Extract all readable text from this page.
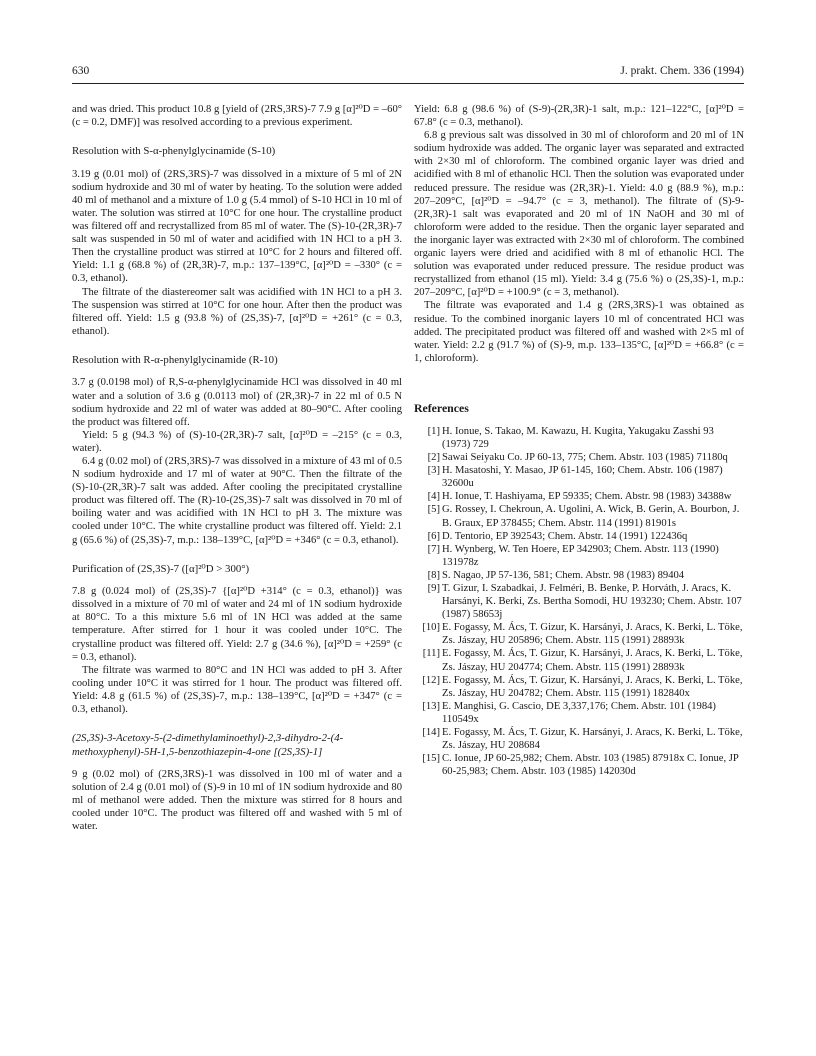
630	J. prakt. Chem. 336 (1994)

and was dried. This product 10.8 g [yield of (2RS,3RS)-7 7.9 g [α]²⁰D = –60° (c = 0.2, DMF)] was resolved according to a previous experiment.

Resolution with S-α-phenylglycinamide (S-10)

3.19 g (0.01 mol) of (2RS,3RS)-7 was dissolved in a mixture of 5 ml of 2N sodium hydroxide and 30 ml of water by heating. To the solution were added 40 ml of methanol and a mixture of 1.0 g (5.4 mmol) of S-10 HCl in 10 ml of water. The solution was stirred at 10°C for one hour. The crystalline product was filtered off and recrystallized from 85 ml of water. The (S)-10-(2R,3R)-7 salt was suspended in 50 ml of water and acidified with 1N HCl to a pH 3. Then the crystalline product was stirred at 10°C for 2 hours and filtered off. Yield: 1.1 g (68.8 %) of (2R,3R)-7, m.p.: 137–139°C, [α]²⁰D = –330° (c = 0.3, ethanol).

The filtrate of the diastereomer salt was acidified with 1N HCl to a pH 3. The suspension was stirred at 10°C for one hour. After then the product was filtered off. Yield: 1.5 g (93.8 %) of (2S,3S)-7, [α]²⁰D = +261° (c = 0.3, ethanol).

Resolution with R-α-phenylglycinamide (R-10)

3.7 g (0.0198 mol) of R,S-α-phenylglycinamide HCl was dissolved in 40 ml water and a solution of 3.6 g (0.0113 mol) of (2R,3R)-7 in 22 ml of 0.5 N sodium hydroxide and 22 ml of water was added at 80–90°C. After cooling the product was filtered off.

Yield: 5 g (94.3 %) of (S)-10-(2R,3R)-7 salt, [α]²⁰D = –215° (c = 0.3, water).

6.4 g (0.02 mol) of (2RS,3RS)-7 was dissolved in a mixture of 43 ml of 0.5 N sodium hydroxide and 17 ml of water at 90°C. Then the filtrate of the (S)-10-(2R,3R)-7 salt was added. After cooling the precipitated crystalline product was filtered off. The (R)-10-(2S,3S)-7 salt was dissolved in 70 ml of boiling water and was acidified with 1N HCl to pH 3. The mixture was cooled under 10°C. The white crystalline product was filtered off. Yield: 2.1 g (65.6 %) of (2S,3S)-7, m.p.: 138–139°C, [α]²⁰D = +346° (c = 0.3, ethanol).

Purification of (2S,3S)-7 ([α]²⁰D > 300°)

7.8 g (0.024 mol) of (2S,3S)-7 {[α]²⁰D +314° (c = 0.3, ethanol)} was dissolved in a mixture of 70 ml of water and 24 ml of 1N sodium hydroxide at 80°C. To a this mixture 5.6 ml of 1N HCl was added at the same temperature. After stirred for 1 hour it was cooled under 10°C. The crystalline product was filtered off. Yield: 2.7 g (34.6 %), [α]²⁰D = +259° (c = 0.3, ethanol).

The filtrate was warmed to 80°C and 1N HCl was added to pH 3. After cooling under 10°C it was stirred for 1 hour. The product was filtered off. Yield: 4.8 g (61.5 %) of (2S,3S)-7, m.p.: 138–139°C, [α]²⁰D = +347° (c = 0.3, ethanol).

(2S,3S)-3-Acetoxy-5-(2-dimethylaminoethyl)-2,3-dihydro-2-(4-methoxyphenyl)-5H-1,5-benzothiazepin-4-one [(2S,3S)-1]

9 g (0.02 mol) of (2RS,3RS)-1 was dissolved in 100 ml of water and a solution of 2.4 g (0.01 mol) of (S)-9 in 10 ml of 1N sodium hydroxide and 80 ml of methanol were added. Then the mixture was stirred for 8 hours and cooled under 10°C. The product was filtered off and washed with 5 ml of water.

Yield: 6.8 g (98.6 %) of (S-9)-(2R,3R)-1 salt, m.p.: 121–122°C, [α]²⁰D = 67.8° (c = 0.3, methanol).

6.8 g previous salt was dissolved in 30 ml of chloroform and 20 ml of 1N sodium hydroxide was added. The organic layer was separated and extracted with 2×30 ml of chloroform. The combined organic layer was dried and acidified with 8 ml of ethanolic HCl. Then the solution was evaporated under reduced pressure. The residue was (2R,3R)-1. Yield: 4.0 g (88.9 %), m.p.: 207–209°C, [α]²⁰D = –94.7° (c = 3, methanol). The filtrate of (S)-9-(2R,3R)-1 salt was evaporated and 20 ml of 1N NaOH and 30 ml of chloroform were added to the residue. Then the organic layer separated and the inorganic layer was extracted with 2×30 ml of chloroform. The combined organic layers were dried and acidified with 8 ml of ethanolic HCl. The solution was evaporated under reduced pressure. The residue product was recrystallized from ethanol (15 ml). Yield: 3.4 g (75.6 %) o (2S,3S)-1, m.p.: 207–209°C, [α]²⁰D = +100.9° (c = 3, methanol).

The filtrate was evaporated and 1.4 g (2RS,3RS)-1 was obtained as residue. To the combined inorganic layers 10 ml of concentrated HCl was added. The precipitated product was filtered off and washed with 2×5 ml of water. Yield: 2.2 g (91.7 %) of (S)-9, m.p. 133–135°C, [α]²⁰D = +66.8° (c = 1, chloroform).

References

[1] H. Ionue, S. Takao, M. Kawazu, H. Kugita, Yakugaku Zasshi 93 (1973) 729
[2] Sawai Seiyaku Co. JP 60-13, 775; Chem. Abstr. 103 (1985) 71180q
[3] H. Masatoshi, Y. Masao, JP 61-145, 160; Chem. Abstr. 106 (1987) 32600u
[4] H. Ionue, T. Hashiyama, EP 59335; Chem. Abstr. 98 (1983) 34388w
[5] G. Rossey, I. Chekroun, A. Ugolini, A. Wick, B. Gerin, A. Bourbon, J. B. Graux, EP 378455; Chem. Abstr. 114 (1991) 81901s
[6] D. Tentorio, EP 392543; Chem. Abstr. 14 (1991) 122436q
[7] H. Wynberg, W. Ten Hoere, EP 342903; Chem. Abstr. 113 (1990) 131978z
[8] S. Nagao, JP 57-136, 581; Chem. Abstr. 98 (1983) 89404
[9] T. Gizur, I. Szabadkai, J. Felméri, B. Benke, P. Horváth, J. Aracs, K. Harsányi, K. Berki, Zs. Bertha Somodi, HU 193230; Chem. Abstr. 107 (1987) 58653j
[10] E. Fogassy, M. Ács, T. Gizur, K. Harsányi, J. Aracs, K. Berki, L. Töke, Zs. Jászay, HU 205896; Chem. Abstr. 115 (1991) 28893k
[11] E. Fogassy, M. Ács, T. Gizur, K. Harsányi, J. Aracs, K. Berki, L. Töke, Zs. Jászay, HU 204774; Chem. Abstr. 115 (1991) 28893k
[12] E. Fogassy, M. Ács, T. Gizur, K. Harsányi, J. Aracs, K. Berki, L. Töke, Zs. Jászay, HU 204782; Chem. Abstr. 115 (1991) 182840x
[13] E. Manghisi, G. Cascio, DE 3,337,176; Chem. Abstr. 101 (1984) 110549x
[14] E. Fogassy, M. Ács, T. Gizur, K. Harsányi, J. Aracs, K. Berki, L. Töke, Zs. Jászay, HU 208684
[15] C. Ionue, JP 60-25,982; Chem. Abstr. 103 (1985) 87918x C. Ionue, JP 60-25,983; Chem. Abstr. 103 (1985) 142030d
